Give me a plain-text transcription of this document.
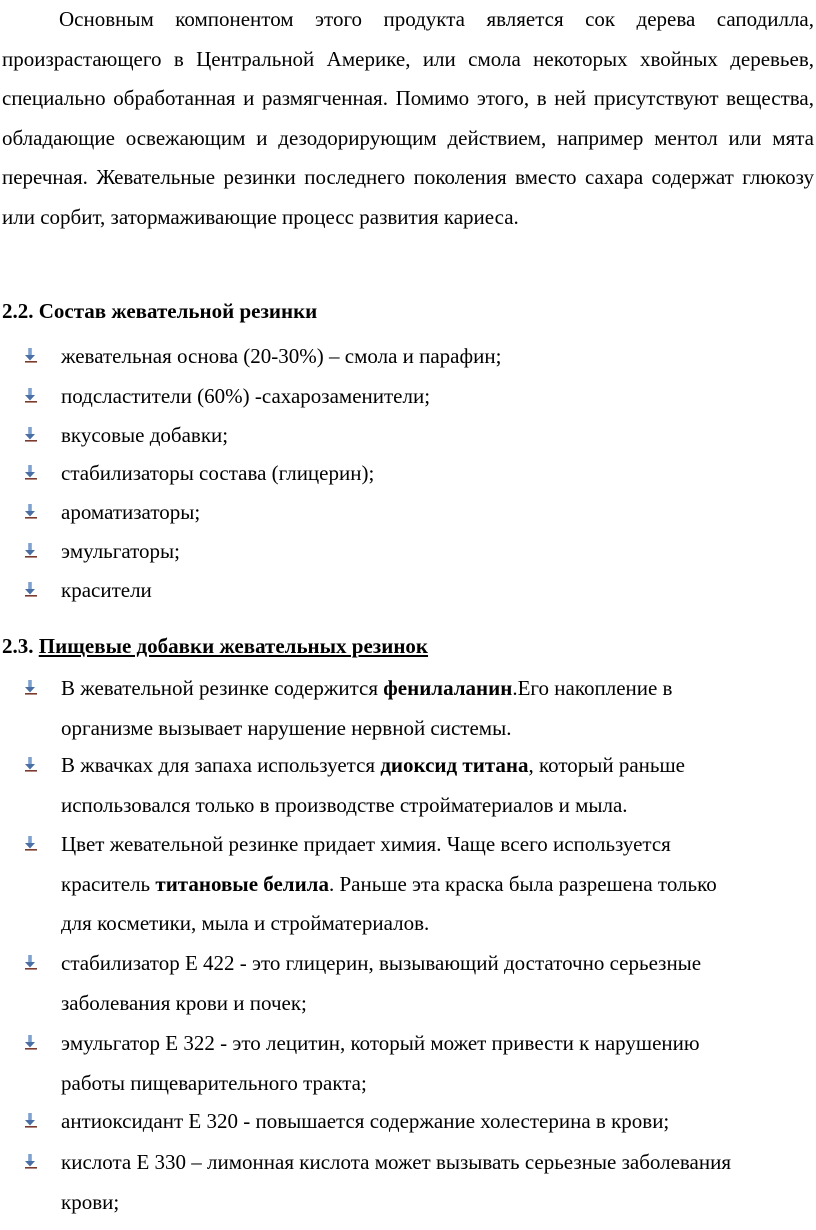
Основным компонентом этого продукта является сок дерева саподилла, произрастающего в Центральной Америке, или смола некоторых хвойных деревьев, специально обработанная и размягченная. Помимо этого, в ней присутствуют вещества, обладающие освежающим и дезодорирующим действием, например ментол или мята перечная. Жевательные резинки последнего поколения вместо сахара содержат глюкозу или сорбит, затормаживающие процесс развития кариеса.

2.2. Состав жевательной резинки

жевательная основа (20-30%) – смола и парафин;

подсластители (60%) -сахарозаменители;

вкусовые добавки;

стабилизаторы состава (глицерин);

ароматизаторы;

эмульгаторы;

красители

2.3. Пищевые добавки жевательных резинок

В жевательной резинке содержится фенилаланин.Его накопление в
организме вызывает нарушение нервной системы.

В жвачках для запаха используется диоксид титана, который раньше
использовался только в производстве стройматериалов и мыла.

Цвет жевательной резинке придает химия. Чаще всего используется
краситель титановые белила. Раньше эта краска была разрешена только
для косметики, мыла и стройматериалов.

стабилизатор Е 422 - это глицерин, вызывающий достаточно серьезные
заболевания крови и почек;

эмульгатор Е 322 - это лецитин, который может привести к нарушению
работы пищеварительного тракта;

антиоксидант Е 320 - повышается содержание холестерина в крови;

кислота Е 330 – лимонная кислота может вызывать серьезные заболевания
крови;
